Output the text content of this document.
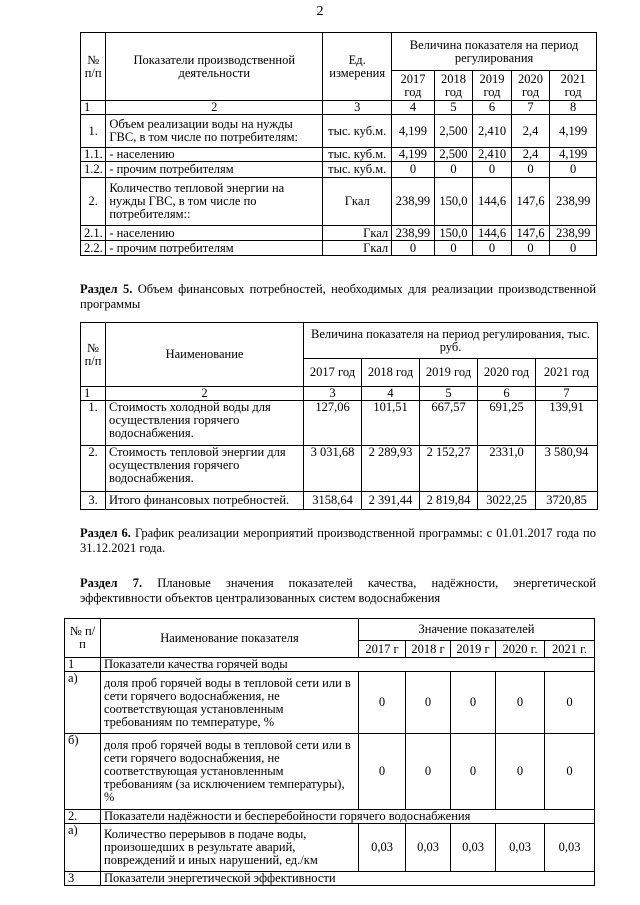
2
№ п/п	Показатели производственной деятельности	Ед. измерения	Величина показателя на период регулирования				
			2017 год	2018 год	2019 год	2020 год	2021 год
1	2	3	4	5	6	7	8
1.	Объем реализации воды на нужды ГВС, в том числе по потребителям:	тыс. куб.м.	4,199	2,500	2,410	2,4	4,199
1.1.	- населению	тыс. куб.м.	4,199	2,500	2,410	2,4	4,199
1.2.	- прочим потребителям	тыс. куб.м.	0	0	0	0	0
2.	Количество тепловой энергии на нужды ГВС, в том числе по потребителям::	Гкал	238,99	150,0	144,6	147,6	238,99
2.1.	- населению	Гкал	238,99	150,0	144,6	147,6	238,99
2.2.	- прочим потребителям	Гкал	0	0	0	0	0
Раздел 5. Объем финансовых потребностей, необходимых для реализации производственной программы
№ п/п	Наименование	Величина показателя на период регулирования, тыс. руб.				
		2017 год	2018 год	2019 год	2020 год	2021 год
1	2	3	4	5	6	7
1.	Стоимость холодной воды для осуществления горячего водоснабжения.	127,06	101,51	667,57	691,25	139,91
2.	Стоимость тепловой энергии для осуществления горячего водоснабжения.	3 031,68	2 289,93	2 152,27	2331,0	3 580,94
3.	Итого финансовых потребностей.	3158,64	2 391,44	2 819,84	3022,25	3720,85
Раздел 6. График реализации мероприятий производственной программы: с 01.01.2017 года по 31.12.2021 года.
Раздел 7. Плановые значения показателей качества, надёжности, энергетической эффективности объектов централизованных систем водоснабжения
№ п/п	Наименование показателя	Значение показателей				
		2017 г	2018 г	2019 г	2020 г.	2021 г.
1	Показатели качества горячей воды					
а)	доля проб горячей воды в тепловой сети или в сети горячего водоснабжения, не соответствующая установленным требованиям по температуре, %	0	0	0	0	0
б)	доля проб горячей воды в тепловой сети или в сети горячего водоснабжения, не соответствующая установленным требованиям (за исключением температуры), %	0	0	0	0	0
2.	Показатели надёжности и бесперебойности горячего водоснабжения					
а)	Количество перерывов в подаче воды, произошедших в результате аварий, повреждений и иных нарушений, ед./км	0,03	0,03	0,03	0,03	0,03
3	Показатели энергетической эффективности					
